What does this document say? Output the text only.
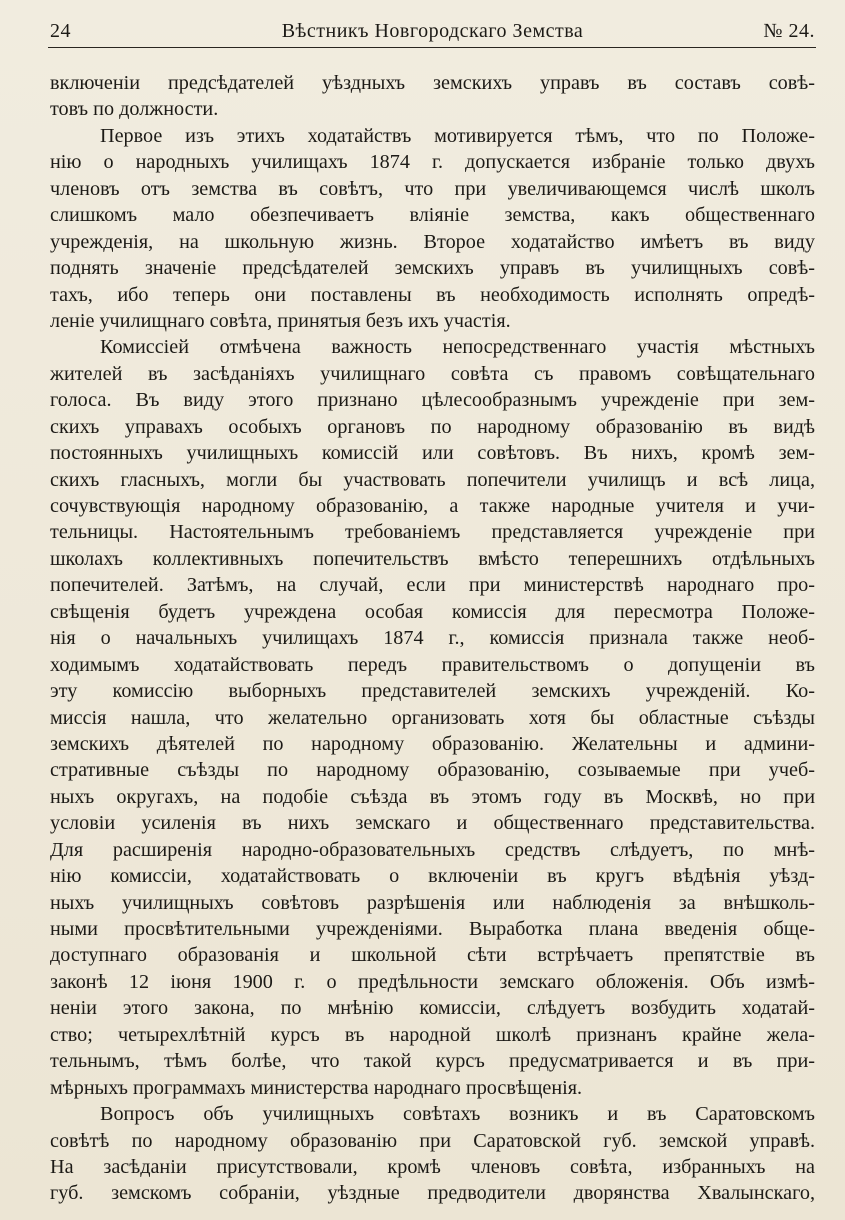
24	Вѣстникъ Новгородскаго Земства	№ 24.
включеніи предсѣдателей уѣздныхъ земскихъ управъ въ составъ совѣ-
товъ по должности.
Первое изъ этихъ ходатайствъ мотивируется тѣмъ, что по Положе-
нію о народныхъ училищахъ 1874 г. допускается избраніе только двухъ
членовъ отъ земства въ совѣтъ, что при увеличивающемся числѣ школъ
слишкомъ мало обезпечиваетъ вліяніе земства, какъ общественнаго
учрежденія, на школьную жизнь. Второе ходатайство имѣетъ въ виду
поднять значеніе предсѣдателей земскихъ управъ въ училищныхъ совѣ-
тахъ, ибо теперь они поставлены въ необходимость исполнять опредѣ-
леніе училищнаго совѣта, принятыя безъ ихъ участія.
Комиссіей отмѣчена важность непосредственнаго участія мѣстныхъ
жителей въ засѣданіяхъ училищнаго совѣта съ правомъ совѣщательнаго
голоса. Въ виду этого признано цѣлесообразнымъ учрежденіе при зем-
скихъ управахъ особыхъ органовъ по народному образованію въ видѣ
постоянныхъ училищныхъ комиссій или совѣтовъ. Въ нихъ, кромѣ зем-
скихъ гласныхъ, могли бы участвовать попечители училищъ и всѣ лица,
сочувствующія народному образованію, а также народные учителя и учи-
тельницы. Настоятельнымъ требованіемъ представляется учрежденіе при
школахъ коллективныхъ попечительствъ вмѣсто теперешнихъ отдѣльныхъ
попечителей. Затѣмъ, на случай, если при министерствѣ народнаго про-
свѣщенія будетъ учреждена особая комиссія для пересмотра Положе-
нія о начальныхъ училищахъ 1874 г., комиссія признала также необ-
ходимымъ ходатайствовать передъ правительствомъ о допущеніи въ
эту комиссію выборныхъ представителей земскихъ учрежденій. Ко-
миссія нашла, что желательно организовать хотя бы областные съѣзды
земскихъ дѣятелей по народному образованію. Желательны и админи-
стративные съѣзды по народному образованію, созываемые при учеб-
ныхъ округахъ, на подобіе съѣзда въ этомъ году въ Москвѣ, но при
условіи усиленія въ нихъ земскаго и общественнаго представительства.
Для расширенія народно-образовательныхъ средствъ слѣдуетъ, по мнѣ-
нію комиссіи, ходатайствовать о включеніи въ кругъ вѣдѣнія уѣзд-
ныхъ училищныхъ совѣтовъ разрѣшенія или наблюденія за внѣшколь-
ными просвѣтительными учрежденіями. Выработка плана введенія обще-
доступнаго образованія и школьной сѣти встрѣчаетъ препятствіе въ
законѣ 12 іюня 1900 г. о предѣльности земскаго обложенія. Объ измѣ-
неніи этого закона, по мнѣнію комиссіи, слѣдуетъ возбудить ходатай-
ство; четырехлѣтній курсъ въ народной школѣ признанъ крайне жела-
тельнымъ, тѣмъ болѣе, что такой курсъ предусматривается и въ при-
мѣрныхъ программахъ министерства народнаго просвѣщенія.
Вопросъ объ училищныхъ совѣтахъ возникъ и въ Саратовскомъ
совѣтѣ по народному образованію при Саратовской губ. земской управѣ.
На засѣданіи присутствовали, кромѣ членовъ совѣта, избранныхъ на
губ. земскомъ собраніи, уѣздные предводители дворянства Хвалынскаго,
